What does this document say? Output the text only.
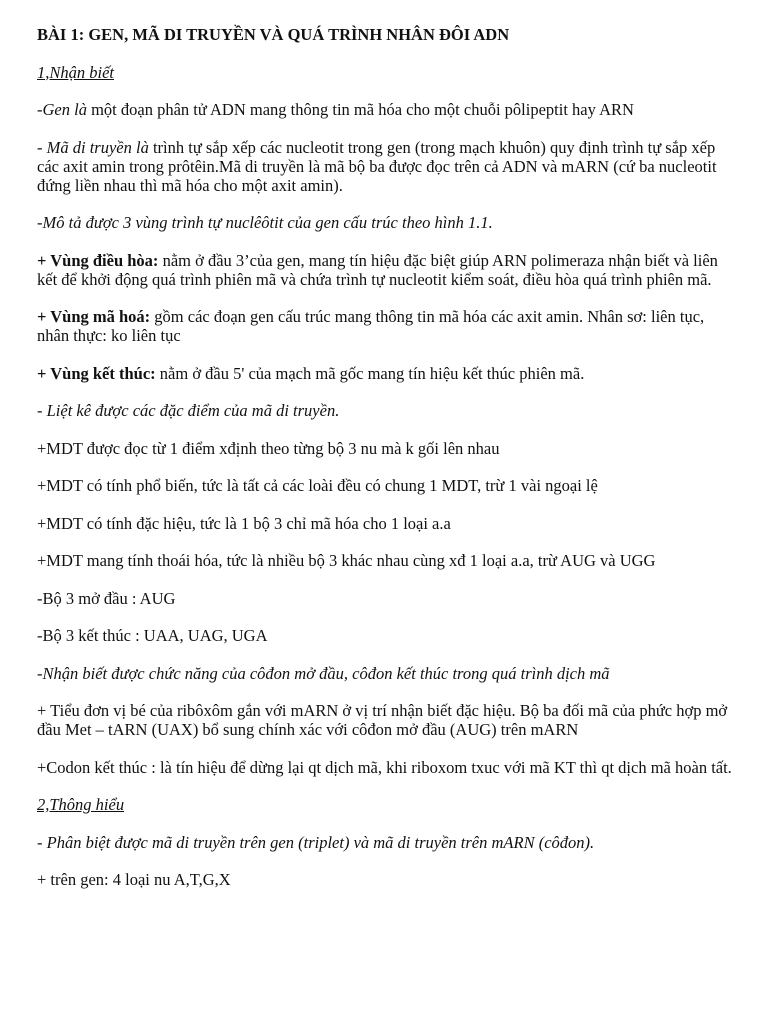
BÀI 1: GEN, MÃ DI TRUYỀN VÀ QUÁ TRÌNH NHÂN ĐÔI ADN

1,Nhận biết

-Gen là một đoạn phân tử ADN mang thông tin mã hóa cho một chuỗi pôlipeptit hay ARN

- Mã di truyền là trình tự sắp xếp các nucleotit trong gen (trong mạch khuôn) quy định trình tự sắp xếp các axit amin trong prôtêin.Mã di truyền là mã bộ ba được đọc trên cả ADN và mARN (cứ ba nucleotit đứng liền nhau thì mã hóa cho một axit amin).

-Mô tả được 3 vùng trình tự nuclêôtit của gen cấu trúc theo hình 1.1.

+ Vùng điều hòa: nằm ở đầu 3’của gen, mang tín hiệu đặc biệt giúp ARN polimeraza nhận biết và liên kết để khởi động quá trình phiên mã và chứa trình tự nucleotit kiểm soát, điều hòa quá trình phiên mã.

+ Vùng mã hoá: gồm các đoạn gen cấu trúc mang thông tin mã hóa các axit amin. Nhân sơ: liên tục, nhân thực: ko liên tục

+ Vùng kết thúc: nằm ở đầu 5' của mạch mã gốc mang tín hiệu kết thúc phiên mã.

- Liệt kê được các đặc điểm của mã di truyền.

+MDT được đọc từ 1 điểm xđịnh theo từng bộ 3 nu mà k gối lên nhau

+MDT có tính phổ biến, tức là tất cả các loài đều có chung 1 MDT, trừ 1 vài ngoại lệ

+MDT có tính đặc hiệu, tức là 1 bộ 3 chỉ mã hóa cho 1 loại a.a

+MDT mang tính thoái hóa, tức là nhiều bộ 3 khác nhau cùng xđ 1 loại a.a, trừ AUG và UGG

-Bộ 3 mở đầu : AUG

-Bộ 3 kết thúc : UAA, UAG, UGA

-Nhận biết được chức năng của côđon mở đầu, côđon kết thúc trong quá trình dịch mã

+ Tiểu đơn vị bé của ribôxôm gắn với mARN ở vị trí nhận biết đặc hiệu. Bộ ba đối mã của phức hợp mở đầu Met – tARN (UAX) bổ sung chính xác với côđon mở đầu (AUG) trên mARN

+Codon kết thúc : là tín hiệu để dừng lại qt dịch mã, khi riboxom txuc với mã KT thì qt dịch mã hoàn tất.

2,Thông hiểu

- Phân biệt được mã di truyền trên gen (triplet) và mã di truyền trên mARN (côđon).

+ trên gen: 4 loại nu A,T,G,X
